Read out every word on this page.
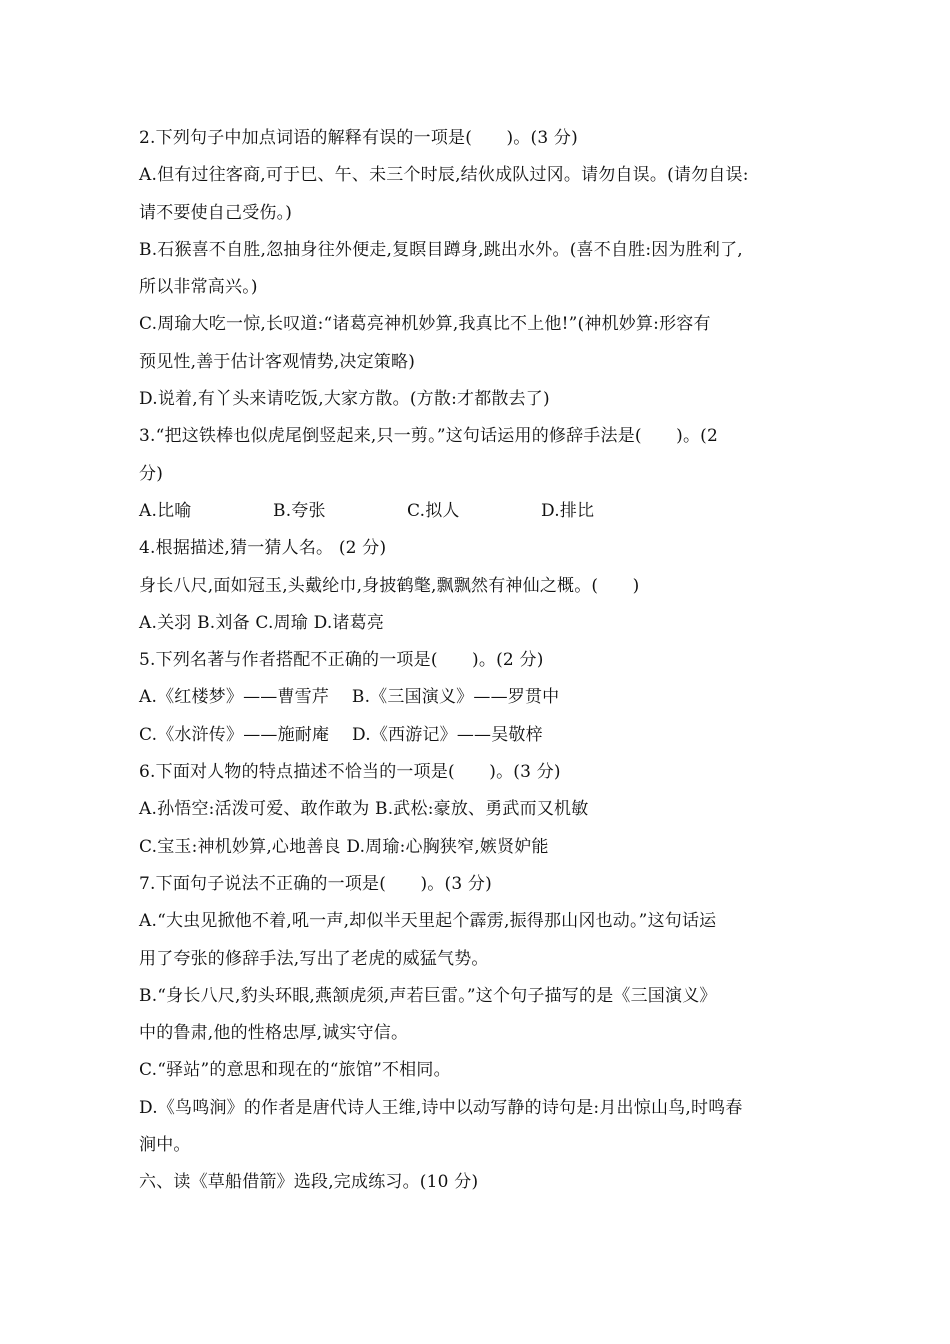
2.下列句子中加点词语的解释有误的一项是(　　)。(3 分)
A.但有过往客商,可于巳、午、未三个时辰,结伙成队过冈。请勿自误。(请勿自误:
请不要使自己受伤。)
B.石猴喜不自胜,忽抽身往外便走,复瞑目蹲身,跳出水外。(喜不自胜:因为胜利了,
所以非常高兴。)
C.周瑜大吃一惊,长叹道:“诸葛亮神机妙算,我真比不上他!”(神机妙算:形容有
预见性,善于估计客观情势,决定策略)
D.说着,有丫头来请吃饭,大家方散。(方散:才都散去了)
3.“把这铁棒也似虎尾倒竖起来,只一剪。”这句话运用的修辞手法是(　　)。(2
分)
A.比喻	B.夸张	C.拟人	D.排比
4.根据描述,猜一猜人名。 (2 分)
身长八尺,面如冠玉,头戴纶巾,身披鹤氅,飘飘然有神仙之概。(　　)
A.关羽 B.刘备 C.周瑜 D.诸葛亮
5.下列名著与作者搭配不正确的一项是(　　)。(2 分)
A.《红楼梦》——曹雪芹　 B.《三国演义》——罗贯中
C.《水浒传》——施耐庵　 D.《西游记》——吴敬梓
6.下面对人物的特点描述不恰当的一项是(　　)。(3 分)
A.孙悟空:活泼可爱、敢作敢为 B.武松:豪放、勇武而又机敏
C.宝玉:神机妙算,心地善良 D.周瑜:心胸狭窄,嫉贤妒能
7.下面句子说法不正确的一项是(　　)。(3 分)
A.“大虫见掀他不着,吼一声,却似半天里起个霹雳,振得那山冈也动。”这句话运
用了夸张的修辞手法,写出了老虎的威猛气势。
B.“身长八尺,豹头环眼,燕颔虎须,声若巨雷。”这个句子描写的是《三国演义》
中的鲁肃,他的性格忠厚,诚实守信。
C.“驿站”的意思和现在的“旅馆”不相同。
D.《鸟鸣涧》的作者是唐代诗人王维,诗中以动写静的诗句是:月出惊山鸟,时鸣春
涧中。
六、读《草船借箭》选段,完成练习。(10 分)
